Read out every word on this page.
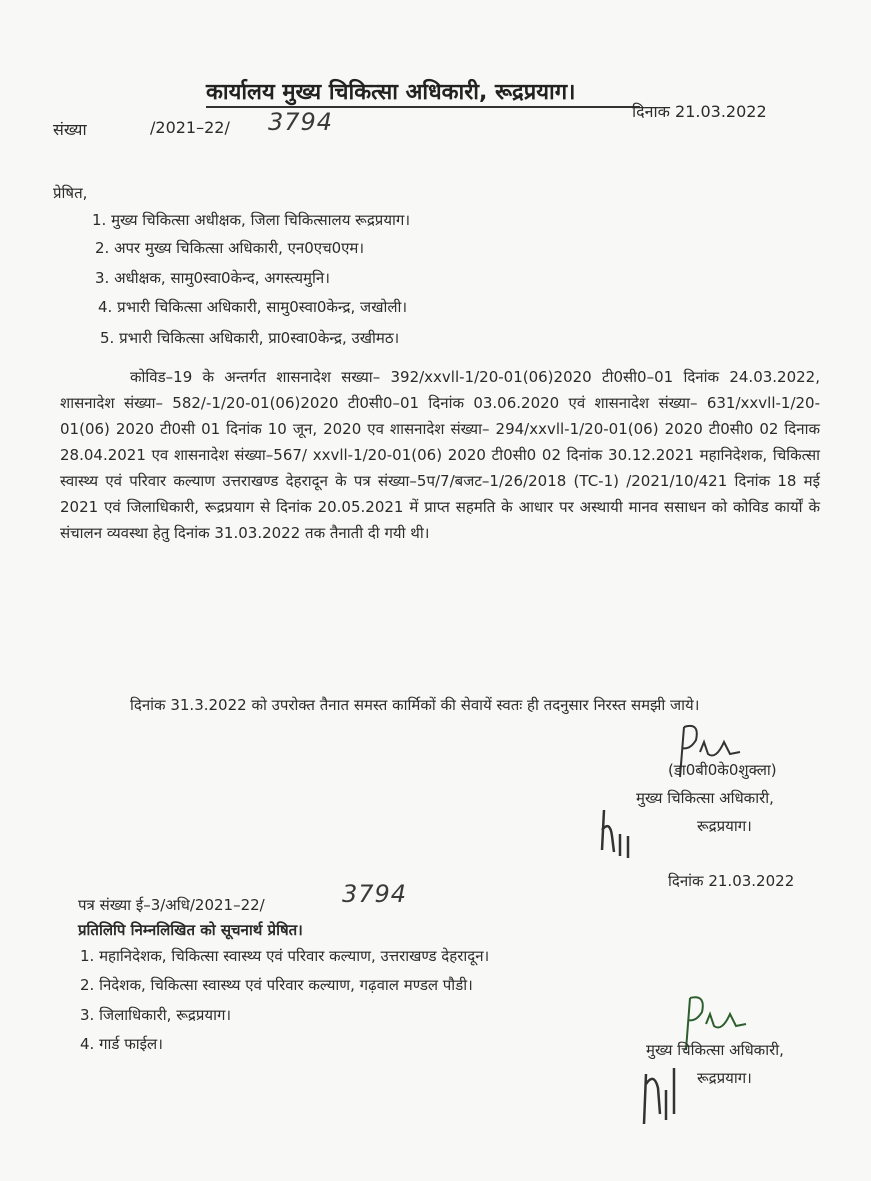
कार्यालय मुख्य चिकित्सा अधिकारी, रूद्रप्रयाग।
संख्या	/2021–22/ 3794	दिनाक 21.03.2022
प्रेषित,
1. मुख्य चिकित्सा अधीक्षक, जिला चिकित्सालय रूद्रप्रयाग।
2. अपर मुख्य चिकित्सा अधिकारी, एन0एच0एम।
3. अधीक्षक, सामु0स्वा0केन्द, अगस्त्यमुनि।
4. प्रभारी चिकित्सा अधिकारी, सामु0स्वा0केन्द्र, जखोली।
5. प्रभारी चिकित्सा अधिकारी, प्रा0स्वा0केन्द्र, उखीमठ।

कोविड–19 के अन्तर्गत शासनादेश सख्या– 392/xxvll-1/20-01(06)2020 टी0सी0–01 दिनांक 24.03.2022, शासनादेश संख्या– 582/-1/20-01(06)2020 टी0सी0–01 दिनांक 03.06.2020 एवं शासनादेश संख्या– 631/xxvll-1/20-01(06) 2020 टी0सी 01 दिनांक 10 जून, 2020 एव शासनादेश संख्या– 294/xxvll-1/20-01(06) 2020 टी0सी0 02 दिनाक 28.04.2021 एव शासनादेश संख्या–567/ xxvll-1/20-01(06) 2020 टी0सी0 02 दिनांक 30.12.2021 महानिदेशक, चिकित्सा स्वास्थ्य एवं परिवार कल्याण उत्तराखण्ड देहरादून के पत्र संख्या–5प/7/बजट–1/26/2018 (TC-1) /2021/10/421 दिनांक 18 मई 2021 एवं जिलाधिकारी, रूद्रप्रयाग से दिनांक 20.05.2021 में प्राप्त सहमति के आधार पर अस्थायी मानव ससाधन को कोविड कार्यों के संचालन व्यवस्था हेतु दिनांक 31.03.2022 तक तैनाती दी गयी थी।

दिनांक 31.3.2022 को उपरोक्त तैनात समस्त कार्मिकों की सेवायें स्वतः ही तदनुसार निरस्त समझी जाये।

(डा0बी0के0शुक्ला)
मुख्य चिकित्सा अधिकारी,
रूद्रप्रयाग।
दिनांक 21.03.2022
पत्र संख्या ई–3/अधि/2021–22/	3794
प्रतिलिपि निम्नलिखित को सूचनार्थ प्रेषित।
1. महानिदेशक, चिकित्सा स्वास्थ्य एवं परिवार कल्याण, उत्तराखण्ड देहरादून।
2. निदेशक, चिकित्सा स्वास्थ्य एवं परिवार कल्याण, गढ़वाल मण्डल पौडी।
3. जिलाधिकारी, रूद्रप्रयाग।
4. गार्ड फाईल।	मुख्य चिकित्सा अधिकारी,
रूद्रप्रयाग।
